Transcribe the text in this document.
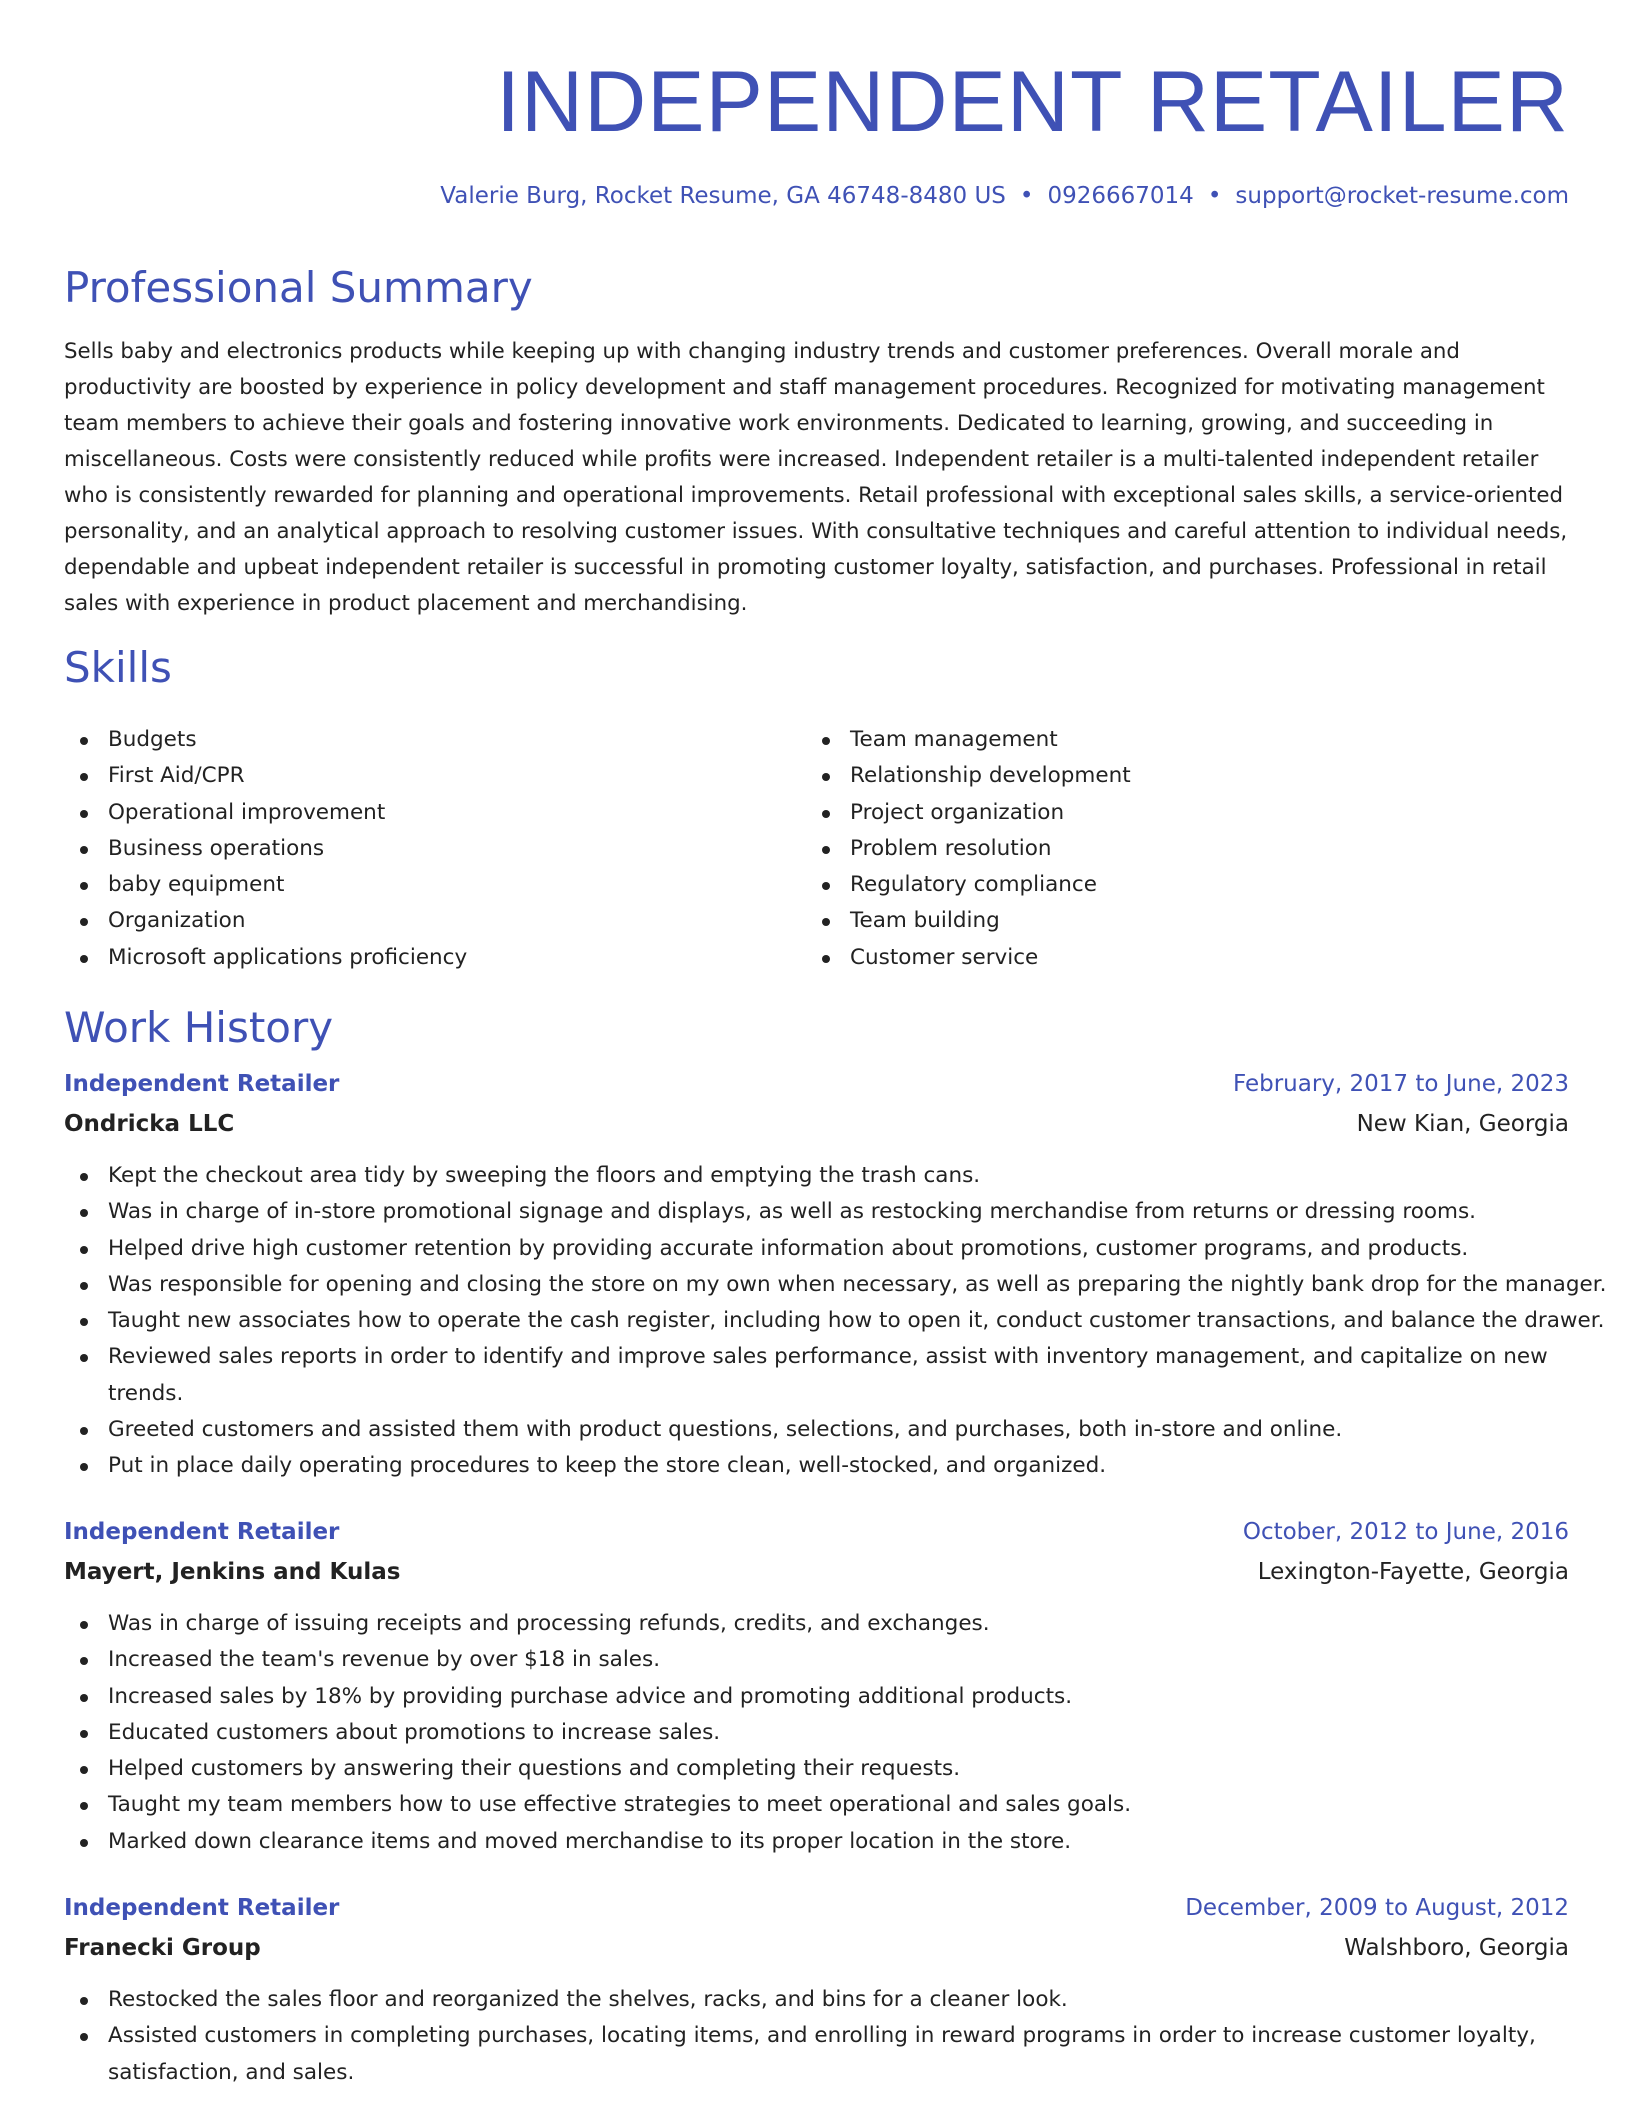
INDEPENDENT RETAILER
Valerie Burg, Rocket Resume, GA 46748-8480 US • 0926667014 • support@rocket-resume.com
Professional Summary

Sells baby and electronics products while keeping up with changing industry trends and customer preferences. Overall morale and productivity are boosted by experience in policy development and staff management procedures. Recognized for motivating management team members to achieve their goals and fostering innovative work environments. Dedicated to learning, growing, and succeeding in miscellaneous. Costs were consistently reduced while profits were increased. Independent retailer is a multi-talented independent retailer who is consistently rewarded for planning and operational improvements. Retail professional with exceptional sales skills, a service-oriented personality, and an analytical approach to resolving customer issues. With consultative techniques and careful attention to individual needs, dependable and upbeat independent retailer is successful in promoting customer loyalty, satisfaction, and purchases. Professional in retail sales with experience in product placement and merchandising.

Skills
Budgets
First Aid/CPR
Operational improvement
Business operations
baby equipment
Organization
Microsoft applications proficiency
Team management
Relationship development
Project organization
Problem resolution
Regulatory compliance
Team building
Customer service
Work History
Independent Retailer	February, 2017 to June, 2023
Ondricka LLC	New Kian, Georgia
Kept the checkout area tidy by sweeping the floors and emptying the trash cans.
Was in charge of in-store promotional signage and displays, as well as restocking merchandise from returns or dressing rooms.
Helped drive high customer retention by providing accurate information about promotions, customer programs, and products.
Was responsible for opening and closing the store on my own when necessary, as well as preparing the nightly bank drop for the manager.
Taught new associates how to operate the cash register, including how to open it, conduct customer transactions, and balance the drawer.
Reviewed sales reports in order to identify and improve sales performance, assist with inventory management, and capitalize on new trends.
Greeted customers and assisted them with product questions, selections, and purchases, both in-store and online.
Put in place daily operating procedures to keep the store clean, well-stocked, and organized.
Independent Retailer	October, 2012 to June, 2016
Mayert, Jenkins and Kulas	Lexington-Fayette, Georgia
Was in charge of issuing receipts and processing refunds, credits, and exchanges.
Increased the team's revenue by over $18 in sales.
Increased sales by 18% by providing purchase advice and promoting additional products.
Educated customers about promotions to increase sales.
Helped customers by answering their questions and completing their requests.
Taught my team members how to use effective strategies to meet operational and sales goals.
Marked down clearance items and moved merchandise to its proper location in the store.
Independent Retailer	December, 2009 to August, 2012
Franecki Group	Walshboro, Georgia
Restocked the sales floor and reorganized the shelves, racks, and bins for a cleaner look.
Assisted customers in completing purchases, locating items, and enrolling in reward programs in order to increase customer loyalty, satisfaction, and sales.
